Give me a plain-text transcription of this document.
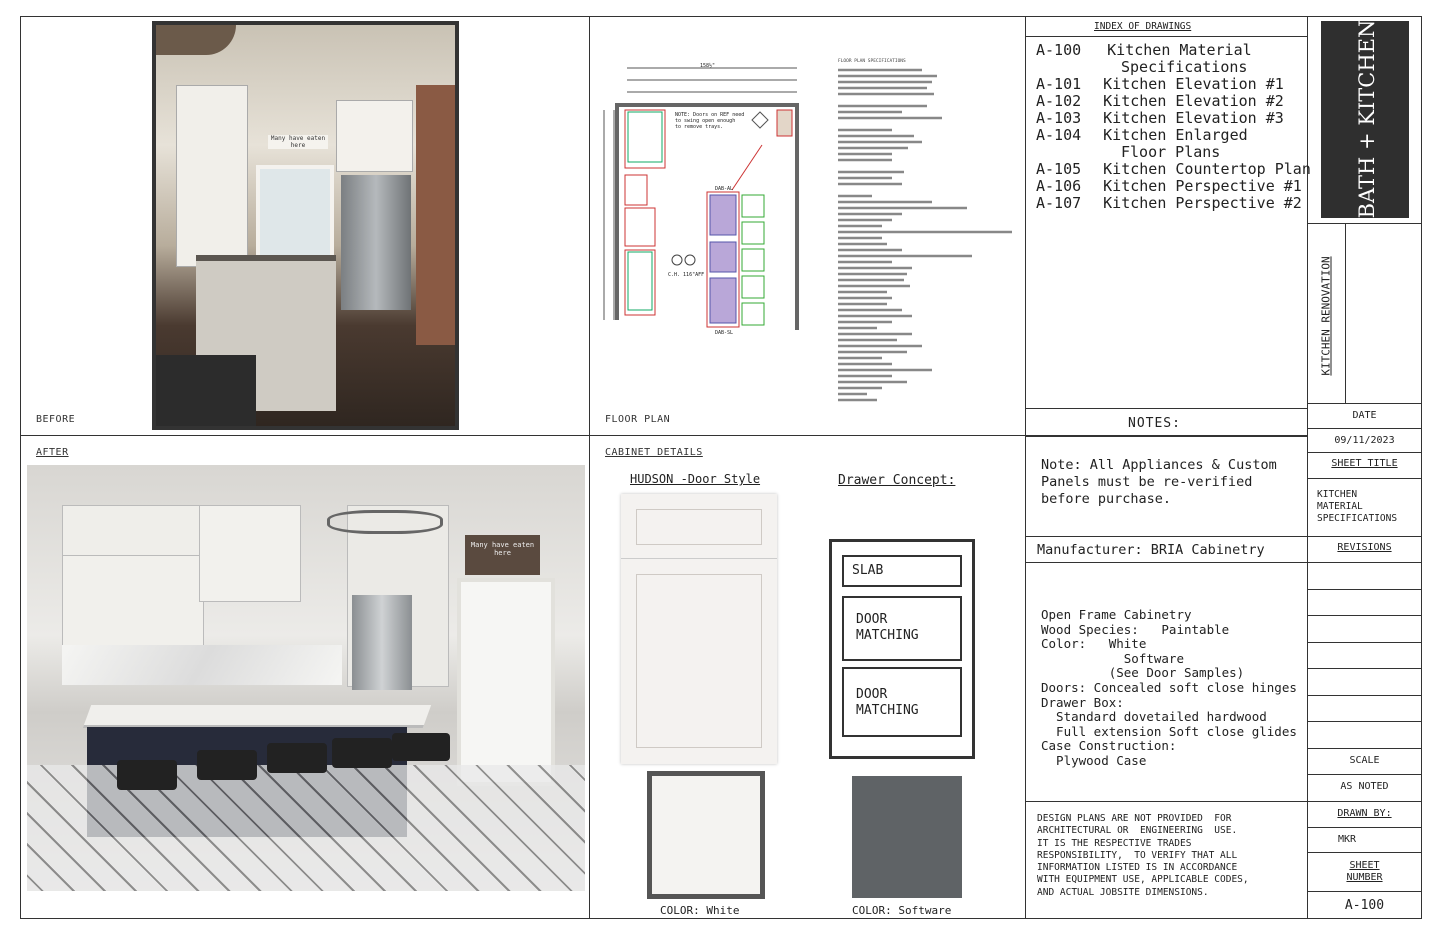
Many have eaten here
BEFORE
FLOOR PLAN SPECIFICATIONS
NOTE: Doors on REF need
to swing open enough
to remove trays.
158½"
C.H. 116"AFF
DAB-AL
DAB-SL
FLOOR PLAN
AFTER
Many have eaten here
CABINET DETAILS
HUDSON -Door Style	Drawer Concept:
SLAB
DOOR
MATCHING
DOOR
MATCHING
COLOR: White	COLOR: Software
INDEX OF DRAWINGS
A-100 Kitchen Material
Specifications
A-101 Kitchen Elevation #1
A-102 Kitchen Elevation #2
A-103 Kitchen Elevation #3
A-104 Kitchen Enlarged
Floor Plans
A-105 Kitchen Countertop Plan
A-106 Kitchen Perspective #1
A-107 Kitchen Perspective #2
NOTES:
Note: All Appliances & Custom
Panels must be re-verified
before purchase.
Manufacturer: BRIA Cabinetry
Open Frame Cabinetry
Wood Species:   Paintable
Color:   White
Software
(See Door Samples)
Doors: Concealed soft close hinges
Drawer Box:
Standard dovetailed hardwood
Full extension Soft close glides
Case Construction:
Plywood Case
DESIGN PLANS ARE NOT PROVIDED  FOR
ARCHITECTURAL OR  ENGINEERING  USE.
IT IS THE RESPECTIVE TRADES
RESPONSIBILITY,  TO VERIFY THAT ALL
INFORMATION LISTED IS IN ACCORDANCE
WITH EQUIPMENT USE, APPLICABLE CODES,
AND ACTUAL JOBSITE DIMENSIONS.
BATH + KITCHEN
KITCHEN RENOVATION
DATE
09/11/2023
SHEET TITLE
KITCHEN
MATERIAL
SPECIFICATIONS
REVISIONS
SCALE
AS NOTED
DRAWN BY:
MKR
SHEET
NUMBER
A-100
